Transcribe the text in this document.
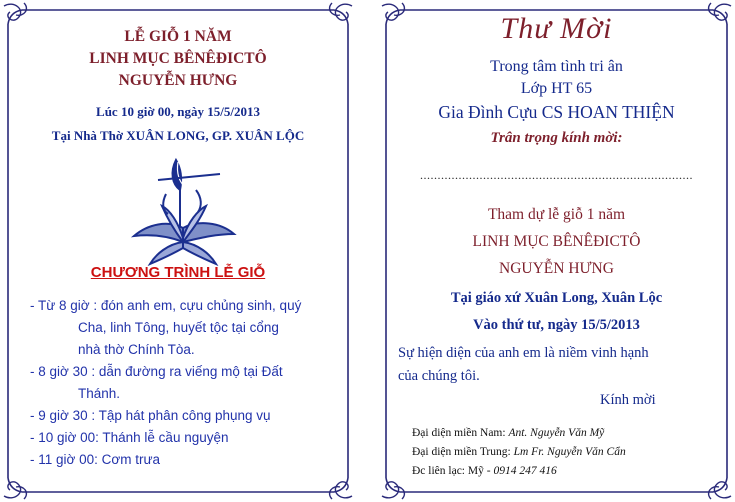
LỄ GIỖ 1 NĂM
LINH MỤC BÊNÊĐICTÔ
NGUYỄN HƯNG
Lúc 10 giờ 00, ngày 15/5/2013
Tại Nhà Thờ XUÂN LONG, GP. XUÂN LỘC
CHƯƠNG TRÌNH LỄ GIỖ
- Từ 8 giờ : đón anh em, cựu chủng sinh, quý
Cha, linh Tông, huyết tộc tại cổng
nhà thờ Chính Tòa.
- 8 giờ 30 : dẫn đường ra viếng mộ tại Đất
Thánh.
- 9 giờ 30 : Tập hát phân công phụng vụ
- 10 giờ 00: Thánh lễ cầu nguyện
- 11 giờ 00: Cơm trưa
Thư Mời
Trong tâm tình tri ân
Lớp HT 65
Gia Đình Cựu CS HOAN THIỆN
Trân trọng kính mời:
..............................................................................
Tham dự lễ giỗ 1 năm
LINH MỤC BÊNÊĐICTÔ
NGUYỄN HƯNG
Tại giáo xứ Xuân Long, Xuân Lộc
Vào thứ tư, ngày 15/5/2013
Sự hiện diện của anh em là niềm vinh hạnh
của chúng tôi.
Kính mời
Đại diện miền Nam: Ant. Nguyễn Văn Mỹ
Đại diện miền Trung: Lm Fr. Nguyễn Văn Cẩn
Đc liên lạc: Mỹ - 0914 247 416
